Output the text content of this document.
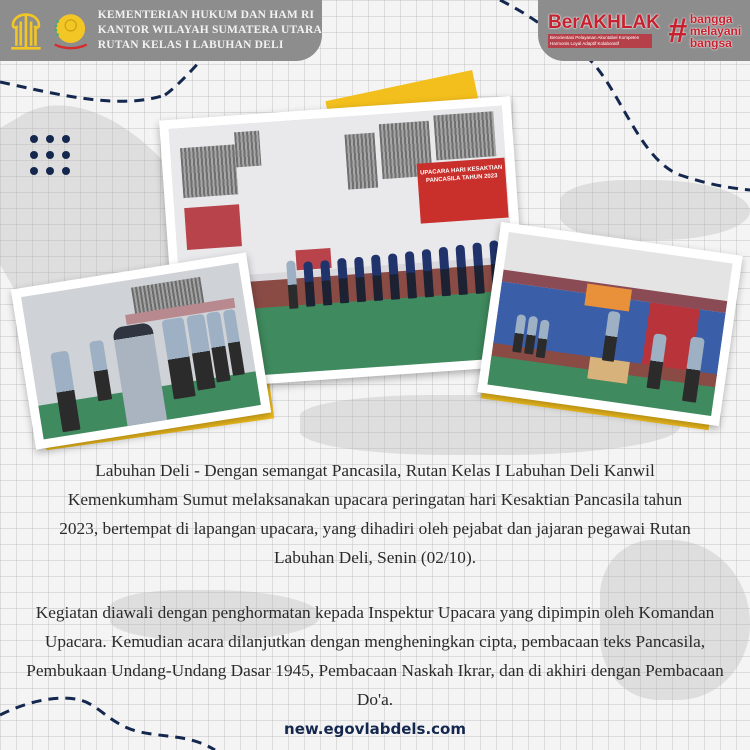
KEMENTERIAN HUKUM DAN HAM RI
KANTOR WILAYAH SUMATERA UTARA
RUTAN KELAS I LABUHAN DELI
BerAKHLAK
Berorientasi Pelayanan Akuntabel Kompeten Harmonis Loyal Adaptif Kolaboratif	# bangga
melayani
bangsa
UPACARA HARI KESAKTIAN PANCASILA TAHUN 2023

Labuhan Deli - Dengan semangat Pancasila, Rutan Kelas I Labuhan Deli Kanwil Kemenkumham Sumut melaksanakan upacara peringatan hari Kesaktian Pancasila tahun 2023, bertempat di lapangan upacara, yang dihadiri oleh pejabat dan jajaran pegawai Rutan Labuhan Deli, Senin (02/10).

Kegiatan diawali dengan penghormatan kepada Inspektur Upacara yang dipimpin oleh Komandan Upacara. Kemudian acara dilanjutkan dengan mengheningkan cipta, pembacaan teks Pancasila, Pembukaan Undang-Undang Dasar 1945, Pembacaan Naskah Ikrar, dan di akhiri dengan Pembacaan Do'a.

new.egovlabdels.com
